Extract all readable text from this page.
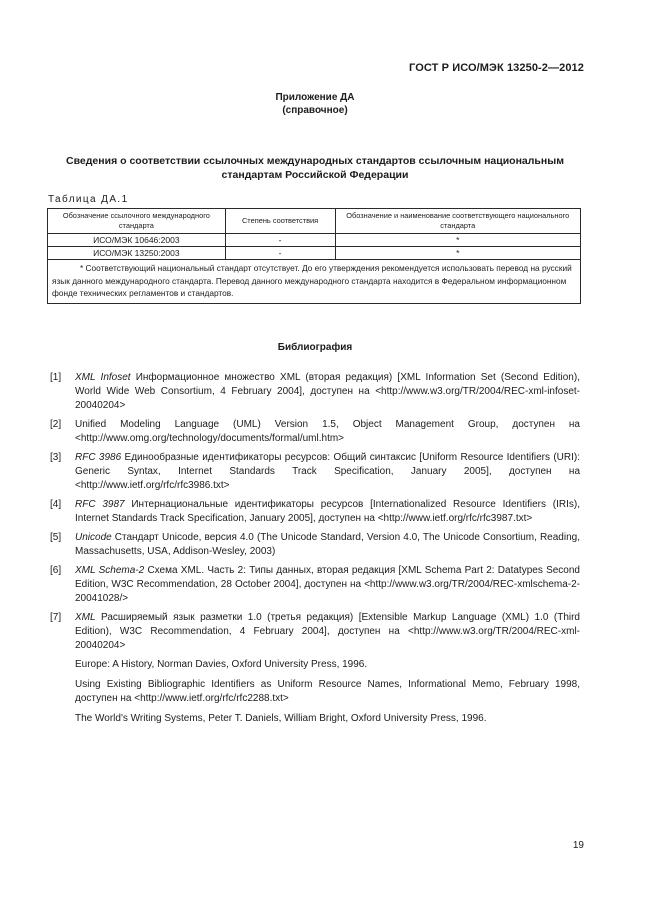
ГОСТ Р ИСО/МЭК 13250-2—2012
Приложение ДА
(справочное)
Сведения о соответствии ссылочных международных стандартов ссылочным национальным стандартам Российской Федерации
Таблица ДА.1
Обозначение ссылочного международного стандарта	Степень соответствия	Обозначение и наименование соответствующего национального стандарта
ИСО/МЭК 10646:2003	-	*
ИСО/МЭК 13250:2003	-	*
* Соответствующий национальный стандарт отсутствует. До его утверждения рекомендуется использовать перевод на русский язык данного международного стандарта. Перевод данного международного стандарта находится в Федеральном информационном фонде технических регламентов и стандартов.		
Библиография
[1] XML Infoset Информационное множество XML (вторая редакция) [XML Information Set (Second Edition), World Wide Web Consortium, 4 February 2004], доступен на <http://www.w3.org/TR/2004/REC-xml-infoset-20040204>
[2] Unified Modeling Language (UML) Version 1.5, Object Management Group, доступен на <http://www.omg.org/technology/documents/formal/uml.htm>
[3] RFC 3986 Единообразные идентификаторы ресурсов: Общий синтаксис [Uniform Resource Identifiers (URI): Generic Syntax, Internet Standards Track Specification, January 2005], доступен на <http://www.ietf.org/rfc/rfc3986.txt>
[4] RFC 3987 Интернациональные идентификаторы ресурсов [Internationalized Resource Identifiers (IRIs), Internet Standards Track Specification, January 2005], доступен на <http://www.ietf.org/rfc/rfc3987.txt>
[5] Unicode Стандарт Unicode, версия 4.0 (The Unicode Standard, Version 4.0, The Unicode Consortium, Reading, Massachusetts, USA, Addison-Wesley, 2003)
[6] XML Schema-2 Схема XML. Часть 2: Типы данных, вторая редакция [XML Schema Part 2: Datatypes Second Edition, W3C Recommendation, 28 October 2004], доступен на <http://www.w3.org/TR/2004/REC-xmlschema-2-20041028/>
[7] XML Расширяемый язык разметки 1.0 (третья редакция) [Extensible Markup Language (XML) 1.0 (Third Edition), W3C Recommendation, 4 February 2004], доступен на <http://www.w3.org/TR/2004/REC-xml-20040204>
Europe: A History, Norman Davies, Oxford University Press, 1996.
Using Existing Bibliographic Identifiers as Uniform Resource Names, Informational Memo, February 1998, доступен на <http://www.ietf.org/rfc/rfc2288.txt>
The World's Writing Systems, Peter T. Daniels, William Bright, Oxford University Press, 1996.
19
